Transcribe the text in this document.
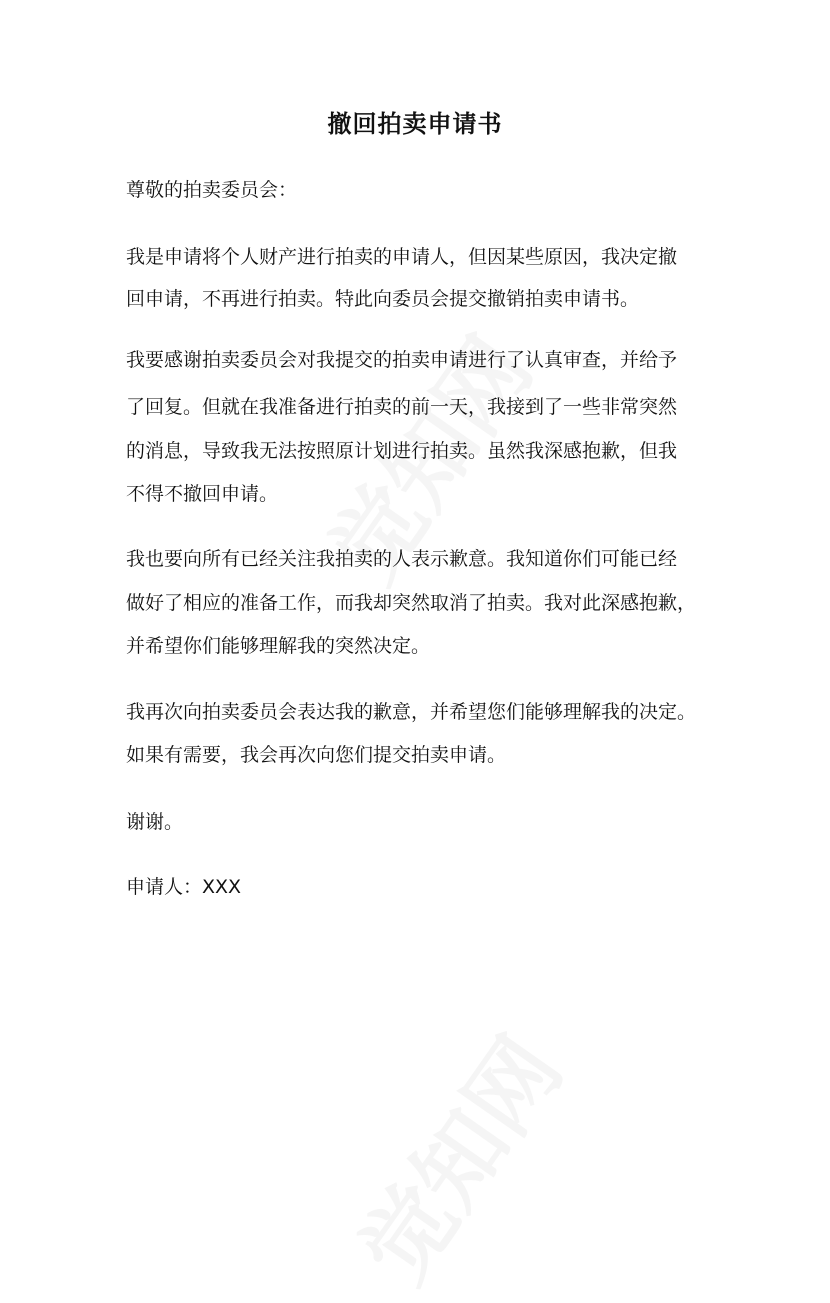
撤回拍卖申请书
尊敬的拍卖委员会：
我是申请将个人财产进行拍卖的申请人，但因某些原因，我决定撤
回申请，不再进行拍卖。特此向委员会提交撤销拍卖申请书。
我要感谢拍卖委员会对我提交的拍卖申请进行了认真审查，并给予
了回复。但就在我准备进行拍卖的前一天，我接到了一些非常突然
的消息，导致我无法按照原计划进行拍卖。虽然我深感抱歉，但我
不得不撤回申请。
我也要向所有已经关注我拍卖的人表示歉意。我知道你们可能已经
做好了相应的准备工作，而我却突然取消了拍卖。我对此深感抱歉，
并希望你们能够理解我的突然决定。
我再次向拍卖委员会表达我的歉意，并希望您们能够理解我的决定。
如果有需要，我会再次向您们提交拍卖申请。
谢谢。
申请人：XXX
